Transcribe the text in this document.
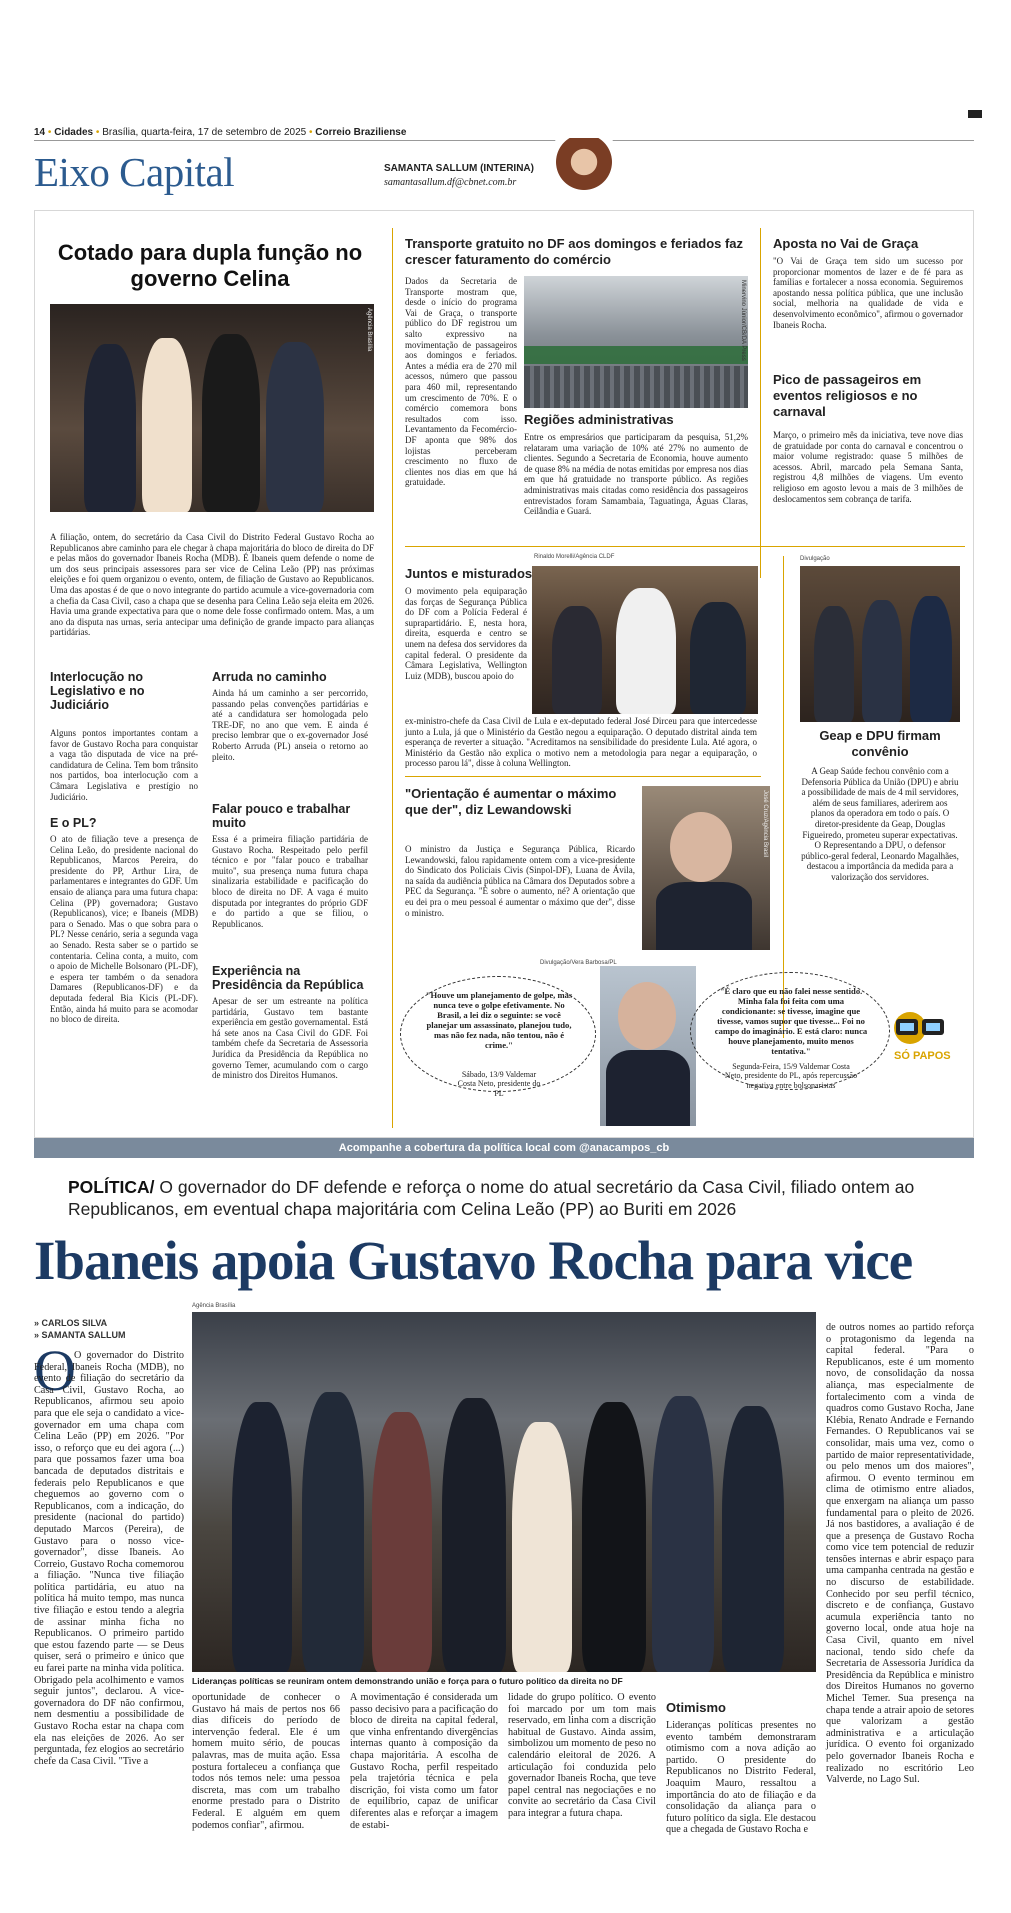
14 • Cidades • Brasília, quarta-feira, 17 de setembro de 2025 • Correio Braziliense
Eixo Capital	SAMANTA SALLUM (INTERINA)
samantasallum.df@cbnet.com.br
Cotado para dupla função no governo Celina
Agência Brasília
A filiação, ontem, do secretário da Casa Civil do Distrito Federal Gustavo Rocha ao Republicanos abre caminho para ele chegar à chapa majoritária do bloco de direita do DF e pelas mãos do governador Ibaneis Rocha (MDB). É Ibaneis quem defende o nome de um dos seus principais assessores para ser vice de Celina Leão (PP) nas próximas eleições e foi quem organizou o evento, ontem, de filiação de Gustavo ao Republicanos. Uma das apostas é de que o novo integrante do partido acumule a vice-governadoria com a chefia da Casa Civil, caso a chapa que se desenha para Celina Leão seja eleita em 2026. Havia uma grande expectativa para que o nome dele fosse confirmado ontem. Mas, a um ano da disputa nas urnas, seria antecipar uma definição de grande impacto para alianças partidárias.
Interlocução no Legislativo e no Judiciário
Alguns pontos importantes contam a favor de Gustavo Rocha para conquistar a vaga tão disputada de vice na pré-candidatura de Celina. Tem bom trânsito nos partidos, boa interlocução com a Câmara Legislativa e prestígio no Judiciário.
E o PL?
O ato de filiação teve a presença de Celina Leão, do presidente nacional do Republicanos, Marcos Pereira, do presidente do PP, Arthur Lira, de parlamentares e integrantes do GDF. Um ensaio de aliança para uma futura chapa: Celina (PP) governadora; Gustavo (Republicanos), vice; e Ibaneis (MDB) para o Senado. Mas o que sobra para o PL? Nesse cenário, seria a segunda vaga ao Senado. Resta saber se o partido se contentaria. Celina conta, a muito, com o apoio de Michelle Bolsonaro (PL-DF), e espera ter também o da senadora Damares (Republicanos-DF) e da deputada federal Bia Kicis (PL-DF). Então, ainda há muito para se acomodar no bloco de direita.
Arruda no caminho
Ainda há um caminho a ser percorrido, passando pelas convenções partidárias e até a candidatura ser homologada pelo TRE-DF, no ano que vem. E ainda é preciso lembrar que o ex-governador José Roberto Arruda (PL) anseia o retorno ao pleito.
Falar pouco e trabalhar muito
Essa é a primeira filiação partidária de Gustavo Rocha. Respeitado pelo perfil técnico e por "falar pouco e trabalhar muito", sua presença numa futura chapa sinalizaria estabilidade e pacificação do bloco de direita no DF. A vaga é muito disputada por integrantes do próprio GDF e do partido a que se filiou, o Republicanos.
Experiência na Presidência da República
Apesar de ser um estreante na política partidária, Gustavo tem bastante experiência em gestão governamental. Está há sete anos na Casa Civil do GDF. Foi também chefe da Secretaria de Assessoria Jurídica da Presidência da República no governo Temer, acumulando com o cargo de ministro dos Direitos Humanos.
Transporte gratuito no DF aos domingos e feriados faz crescer faturamento do comércio
Dados da Secretaria de Transporte mostram que, desde o início do programa Vai de Graça, o transporte público do DF registrou um salto expressivo na movimentação de passageiros aos domingos e feriados. Antes a média era de 270 mil acessos, número que passou para 460 mil, representando um crescimento de 70%. E o comércio comemora bons resultados com isso. Levantamento da Fecomércio-DF aponta que 98% dos lojistas perceberam crescimento no fluxo de clientes nos dias em que há gratuidade.
Minervino Júnior/CB/DA Press
Regiões administrativas
Entre os empresários que participaram da pesquisa, 51,2% relataram uma variação de 10% até 27% no aumento de clientes. Segundo a Secretaria de Economia, houve aumento de quase 8% na média de notas emitidas por empresa nos dias em que há gratuidade no transporte público. As regiões administrativas mais citadas como residência dos passageiros entrevistados foram Samambaia, Taguatinga, Águas Claras, Ceilândia e Guará.
Aposta no Vai de Graça
"O Vai de Graça tem sido um sucesso por proporcionar momentos de lazer e de fé para as famílias e fortalecer a nossa economia. Seguiremos apostando nessa política pública, que une inclusão social, melhoria na qualidade de vida e desenvolvimento econômico", afirmou o governador Ibaneis Rocha.
Pico de passageiros em eventos religiosos e no carnaval
Março, o primeiro mês da iniciativa, teve nove dias de gratuidade por conta do carnaval e concentrou o maior volume registrado: quase 5 milhões de acessos. Abril, marcado pela Semana Santa, registrou 4,8 milhões de viagens. Um evento religioso em agosto levou a mais de 3 milhões de deslocamentos sem cobrança de tarifa.
Juntos e misturados
O movimento pela equiparação das forças de Segurança Pública do DF com a Polícia Federal é suprapartidário. E, nesta hora, direita, esquerda e centro se unem na defesa dos servidores da capital federal. O presidente da Câmara Legislativa, Wellington Luiz (MDB), buscou apoio do
Rinaldo Morelli/Agência CLDF
ex-ministro-chefe da Casa Civil de Lula e ex-deputado federal José Dirceu para que intercedesse junto a Lula, já que o Ministério da Gestão negou a equiparação. O deputado distrital ainda tem esperança de reverter a situação. "Acreditamos na sensibilidade do presidente Lula. Até agora, o Ministério da Gestão não explica o motivo nem a metodologia para negar a equiparação, o processo parou lá", disse à coluna Wellington.
Divulgação
Geap e DPU firmam convênio
A Geap Saúde fechou convênio com a Defensoria Pública da União (DPU) e abriu a possibilidade de mais de 4 mil servidores, além de seus familiares, aderirem aos planos da operadora em todo o país. O diretor-presidente da Geap, Douglas Figueiredo, prometeu superar expectativas. O Representando a DPU, o defensor público-geral federal, Leonardo Magalhães, destacou a importância da medida para a valorização dos servidores.
"Orientação é aumentar o máximo que der", diz Lewandowski
O ministro da Justiça e Segurança Pública, Ricardo Lewandowski, falou rapidamente ontem com a vice-presidente do Sindicato dos Policiais Civis (Sinpol-DF), Luana de Ávila, na saída da audiência pública na Câmara dos Deputados sobre a PEC da Segurança. "É sobre o aumento, né? A orientação que eu dei pra o meu pessoal é aumentar o máximo que der", disse o ministro.
José Cruz/Agência Brasil
Divulgação/Vera Barbosa/PL
"Houve um planejamento de golpe, mas nunca teve o golpe efetivamente. No Brasil, a lei diz o seguinte: se você planejar um assassinato, planejou tudo, mas não fez nada, não tentou, não é crime."
Sábado, 13/9 Valdemar Costa Neto, presidente do PL
"É claro que eu não falei nesse sentido. Minha fala foi feita com uma condicionante: se tivesse, imagine que tivesse, vamos supor que tivesse... Foi no campo do imaginário. E está claro: nunca houve planejamento, muito menos tentativa."
Segunda-Feira, 15/9 Valdemar Costa Neto, presidente do PL, após repercussão negativa entre bolsonaristas
SÓ PAPOS
Acompanhe a cobertura da política local com @anacampos_cb
POLÍTICA/ O governador do DF defende e reforça o nome do atual secretário da Casa Civil, filiado ontem ao Republicanos, em eventual chapa majoritária com Celina Leão (PP) ao Buriti em 2026
Ibaneis apoia Gustavo Rocha para vice
» CARLOS SILVA
» SAMANTA SALLUM
O
O governador do Distrito Federal, Ibaneis Rocha (MDB), no evento de filiação do secretário da Casa Civil, Gustavo Rocha, ao Republicanos, afirmou seu apoio para que ele seja o candidato a vice-governador em uma chapa com Celina Leão (PP) em 2026. "Por isso, o reforço que eu dei agora (...) para que possamos fazer uma boa bancada de deputados distritais e federais pelo Republicanos e que cheguemos ao governo com o Republicanos, com a indicação, do presidente (nacional do partido) deputado Marcos (Pereira), de Gustavo para o nosso vice-governador", disse Ibaneis. Ao Correio, Gustavo Rocha comemorou a filiação. "Nunca tive filiação política partidária, eu atuo na política há muito tempo, mas nunca tive filiação e estou tendo a alegria de assinar minha ficha no Republicanos. O primeiro partido que estou fazendo parte — se Deus quiser, será o primeiro e único que eu farei parte na minha vida política. Obrigado pela acolhimento e vamos seguir juntos", declarou. A vice-governadora do DF não confirmou, nem desmentiu a possibilidade de Gustavo Rocha estar na chapa com ela nas eleições de 2026. Ao ser perguntada, fez elogios ao secretário chefe da Casa Civil. "Tive a
Agência Brasília
Lideranças políticas se reuniram ontem demonstrando união e força para o futuro político da direita no DF
oportunidade de conhecer o Gustavo há mais de pertos nos 66 dias difíceis do período de intervenção federal. Ele é um homem muito sério, de poucas palavras, mas de muita ação. Essa postura fortaleceu a confiança que todos nós temos nele: uma pessoa discreta, mas com um trabalho enorme prestado para o Distrito Federal. E alguém em quem podemos confiar", afirmou.
A movimentação é considerada um passo decisivo para a pacificação do bloco de direita na capital federal, que vinha enfrentando divergências internas quanto à composição da chapa majoritária. A escolha de Gustavo Rocha, perfil respeitado pela trajetória técnica e pela discrição, foi vista como um fator de equilíbrio, capaz de unificar diferentes alas e reforçar a imagem de estabi-
lidade do grupo político. O evento foi marcado por um tom mais reservado, em linha com a discrição habitual de Gustavo. Ainda assim, simbolizou um momento de peso no calendário eleitoral de 2026. A articulação foi conduzida pelo governador Ibaneis Rocha, que teve papel central nas negociações e no convite ao secretário da Casa Civil para integrar a futura chapa.
Otimismo
Lideranças políticas presentes no evento também demonstraram otimismo com a nova adição ao partido. O presidente do Republicanos no Distrito Federal, Joaquim Mauro, ressaltou a importância do ato de filiação e da consolidação da aliança para o futuro político da sigla. Ele destacou que a chegada de Gustavo Rocha e
de outros nomes ao partido reforça o protagonismo da legenda na capital federal. "Para o Republicanos, este é um momento novo, de consolidação da nossa aliança, mas especialmente de fortalecimento com a vinda de quadros como Gustavo Rocha, Jane Klébia, Renato Andrade e Fernando Fernandes. O Republicanos vai se consolidar, mais uma vez, como o partido de maior representatividade, ou pelo menos um dos maiores", afirmou. O evento terminou em clima de otimismo entre aliados, que enxergam na aliança um passo fundamental para o pleito de 2026. Já nos bastidores, a avaliação é de que a presença de Gustavo Rocha como vice tem potencial de reduzir tensões internas e abrir espaço para uma campanha centrada na gestão e no discurso de estabilidade. Conhecido por seu perfil técnico, discreto e de confiança, Gustavo acumula experiência tanto no governo local, onde atua hoje na Casa Civil, quanto em nível nacional, tendo sido chefe da Secretaria de Assessoria Jurídica da Presidência da República e ministro dos Direitos Humanos no governo Michel Temer. Sua presença na chapa tende a atrair apoio de setores que valorizam a gestão administrativa e a articulação jurídica. O evento foi organizado pelo governador Ibaneis Rocha e realizado no escritório Leo Valverde, no Lago Sul.
